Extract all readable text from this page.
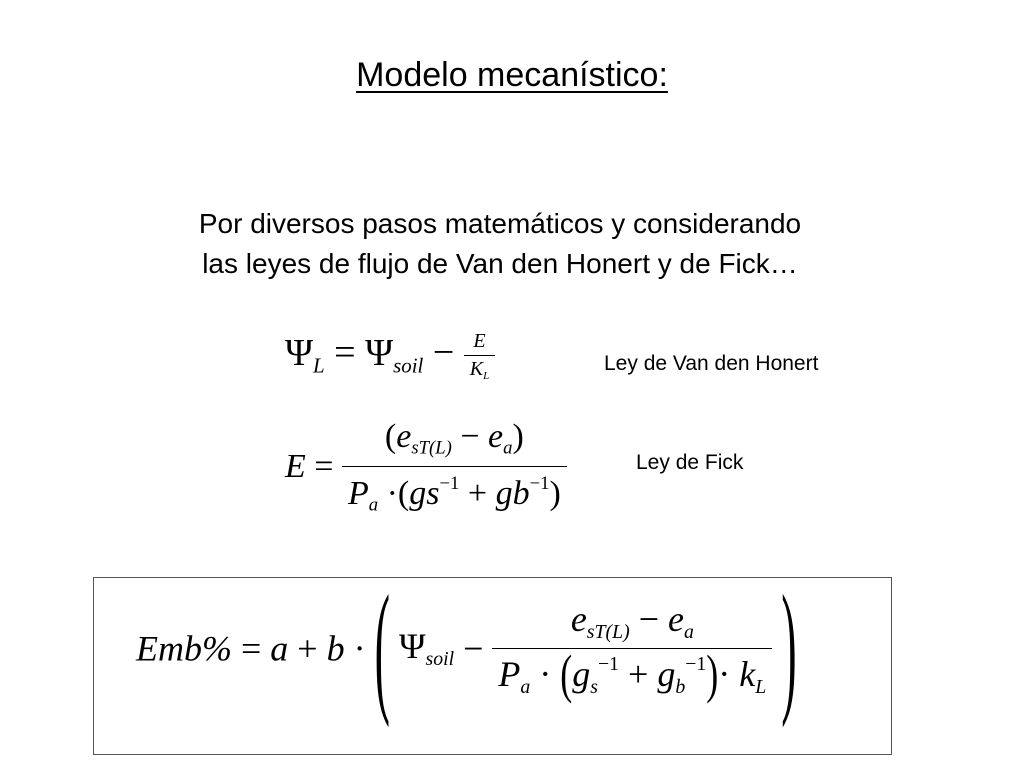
Modelo mecanístico:
Por diversos pasos matemáticos y considerando
las leyes de flujo de Van den Honert y de Fick…
$\Psi_L = \Psi_{soil} - \frac{E}{K_L}$	Ley de Van den Honert
$E = \frac{(e_{sT(L)} - e_a)}{P_a \cdot(gs^{-1} + gb^{-1})}$	Ley de Fick
Emb% = a + b · ( $\Psi_{soil} - \frac{e_{sT(L)} - e_a}{P_a \cdot (g_s^{-1} + g_b^{-1})\cdot k_L}$ )
